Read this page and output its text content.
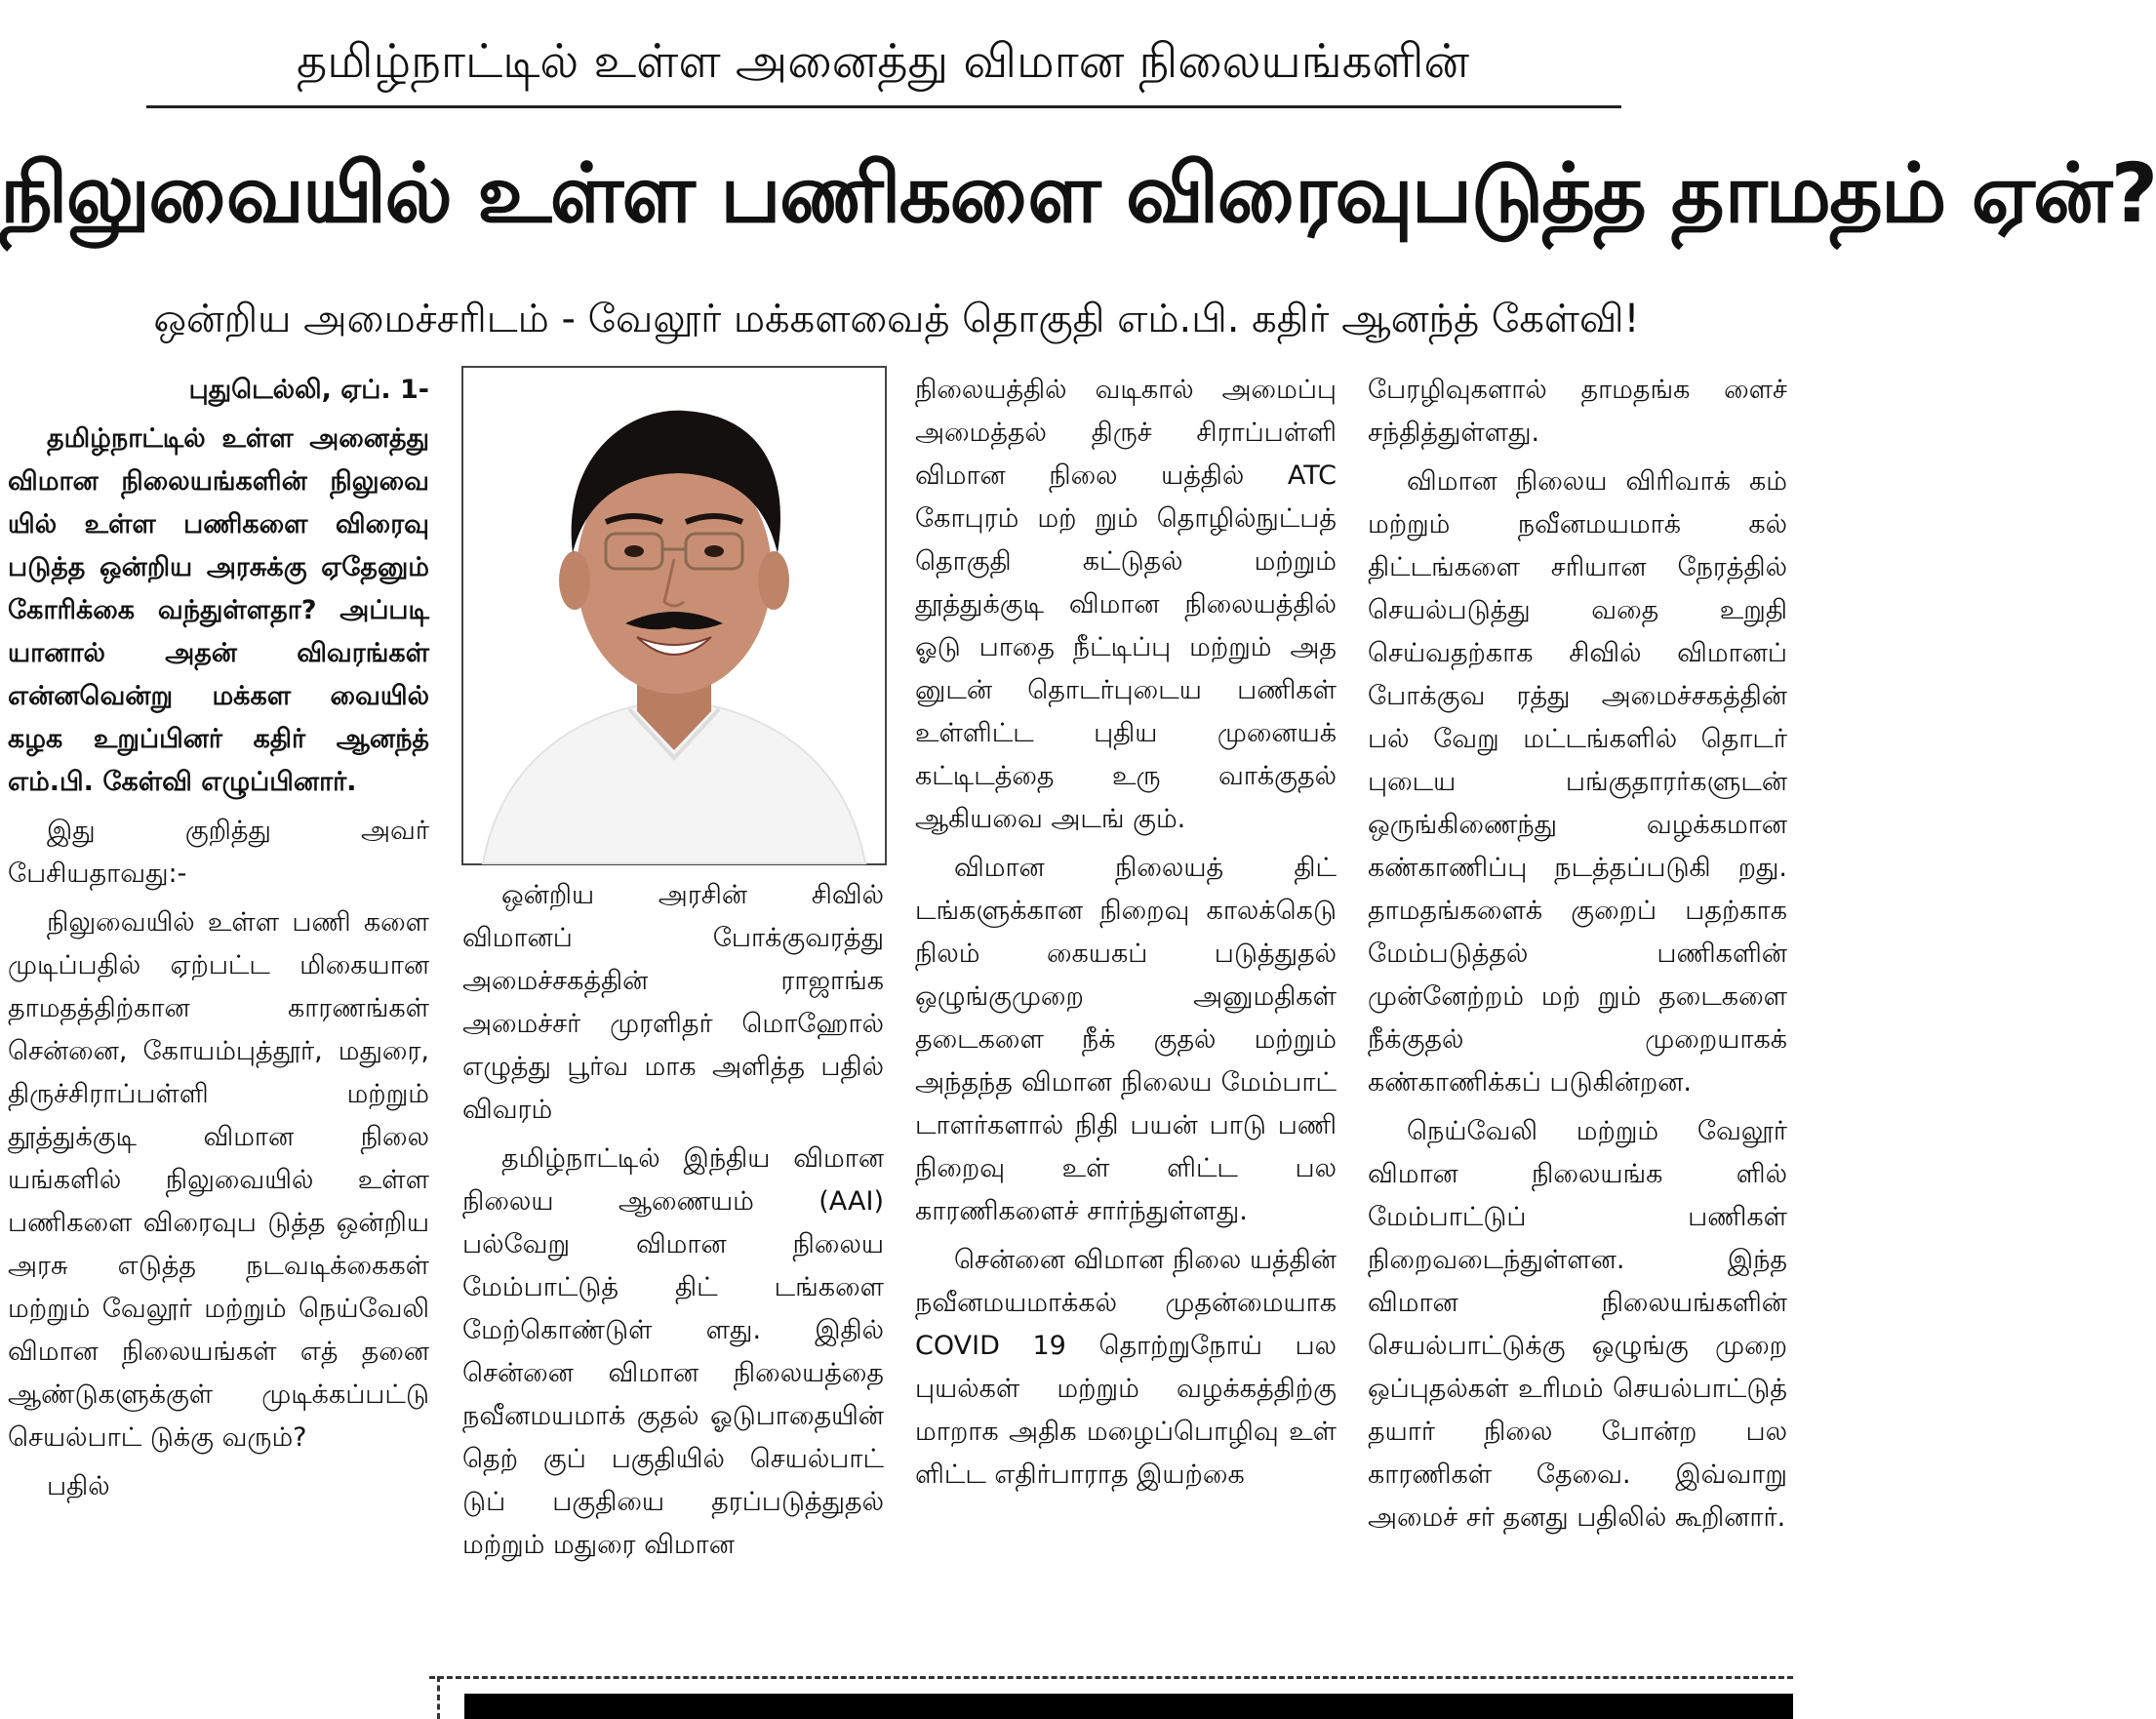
தமிழ்நாட்டில் உள்ள அனைத்து விமான நிலையங்களின்
நிலுவையில் உள்ள பணிகளை விரைவுபடுத்த தாமதம் ஏன்?
ஒன்றிய அமைச்சரிடம் - வேலூர் மக்களவைத் தொகுதி எம்.பி. கதிர் ஆனந்த் கேள்வி!

புதுடெல்லி, ஏப். 1-

தமிழ்நாட்டில் உள்ள அனைத்து விமான நிலையங்களின் நிலுவை யில் உள்ள பணிகளை விரைவு படுத்த ஒன்றிய அரசுக்கு ஏதேனும் கோரிக்கை வந்துள்ளதா? அப்படி யானால் அதன் விவரங்கள் என்னவென்று மக்கள வையில் கழக உறுப்பினர் கதிர் ஆனந்த் எம்.பி. கேள்வி எழுப்பினார்.

இது குறித்து அவர் பேசியதாவது:-

நிலுவையில் உள்ள பணி களை முடிப்பதில் ஏற்பட்ட மிகையான தாமதத்திற்கான காரணங்கள் சென்னை, கோயம்புத்தூர், மதுரை, திருச்சிராப்பள்ளி மற்றும் தூத்துக்குடி விமான நிலை யங்களில் நிலுவையில் உள்ள பணிகளை விரைவுப டுத்த ஒன்றிய அரசு எடுத்த நடவடிக்கைகள் மற்றும் வேலூர் மற்றும் நெய்வேலி விமான நிலையங்கள் எத் தனை ஆண்டுகளுக்குள் முடிக்கப்பட்டு செயல்பாட் டுக்கு வரும்?

பதில்

ஒன்றிய அரசின் சிவில் விமானப் போக்குவரத்து அமைச்சகத்தின் ராஜாங்க அமைச்சர் முரளிதர் மொஹோல் எழுத்து பூர்வ மாக அளித்த பதில் விவரம்

தமிழ்நாட்டில் இந்திய விமான நிலைய ஆணையம் (AAI) பல்வேறு விமான நிலைய மேம்பாட்டுத் திட் டங்களை மேற்கொண்டுள் ளது. இதில் சென்னை விமான நிலையத்தை நவீனமயமாக் குதல் ஓடுபாதையின் தெற் குப் பகுதியில் செயல்பாட் டுப் பகுதியை தரப்படுத்துதல் மற்றும் மதுரை விமான

நிலையத்தில் வடிகால் அமைப்பு அமைத்தல் திருச் சிராப்பள்ளி விமான நிலை யத்தில் ATC கோபுரம் மற் றும் தொழில்நுட்பத் தொகுதி கட்டுதல் மற்றும் தூத்துக்குடி விமான நிலையத்தில் ஓடு பாதை நீட்டிப்பு மற்றும் அத னுடன் தொடர்புடைய பணிகள் உள்ளிட்ட புதிய முனையக் கட்டிடத்தை உரு வாக்குதல் ஆகியவை அடங் கும்.

விமான நிலையத் திட் டங்களுக்கான நிறைவு காலக்கெடு நிலம் கையகப் படுத்துதல் ஒழுங்குமுறை அனுமதிகள் தடைகளை நீக் குதல் மற்றும் அந்தந்த விமான நிலைய மேம்பாட் டாளர்களால் நிதி பயன் பாடு பணி நிறைவு உள் ளிட்ட பல காரணிகளைச் சார்ந்துள்ளது.

சென்னை விமான நிலை யத்தின் நவீனமயமாக்கல் முதன்மையாக COVID 19 தொற்றுநோய் பல புயல்கள் மற்றும் வழக்கத்திற்கு மாறாக அதிக மழைப்பொழிவு உள் ளிட்ட எதிர்பாராத இயற்கை

பேரழிவுகளால் தாமதங்க ளைச் சந்தித்துள்ளது.

விமான நிலைய விரிவாக் கம் மற்றும் நவீனமயமாக் கல் திட்டங்களை சரியான நேரத்தில் செயல்படுத்து வதை உறுதி செய்வதற்காக சிவில் விமானப் போக்குவ ரத்து அமைச்சகத்தின் பல் வேறு மட்டங்களில் தொடர் புடைய பங்குதாரர்களுடன் ஒருங்கிணைந்து வழக்கமான கண்காணிப்பு நடத்தப்படுகி றது. தாமதங்களைக் குறைப் பதற்காக மேம்படுத்தல் பணிகளின் முன்னேற்றம் மற் றும் தடைகளை நீக்குதல் முறையாகக் கண்காணிக்கப் படுகின்றன.

நெய்வேலி மற்றும் வேலூர் விமான நிலையங்க ளில் மேம்பாட்டுப் பணிகள் நிறைவடைந்துள்ளன. இந்த விமான நிலையங்களின் செயல்பாட்டுக்கு ஒழுங்கு முறை ஒப்புதல்கள் உரிமம் செயல்பாட்டுத் தயார் நிலை போன்ற பல காரணிகள் தேவை. இவ்வாறு அமைச் சர் தனது பதிலில் கூறினார்.
